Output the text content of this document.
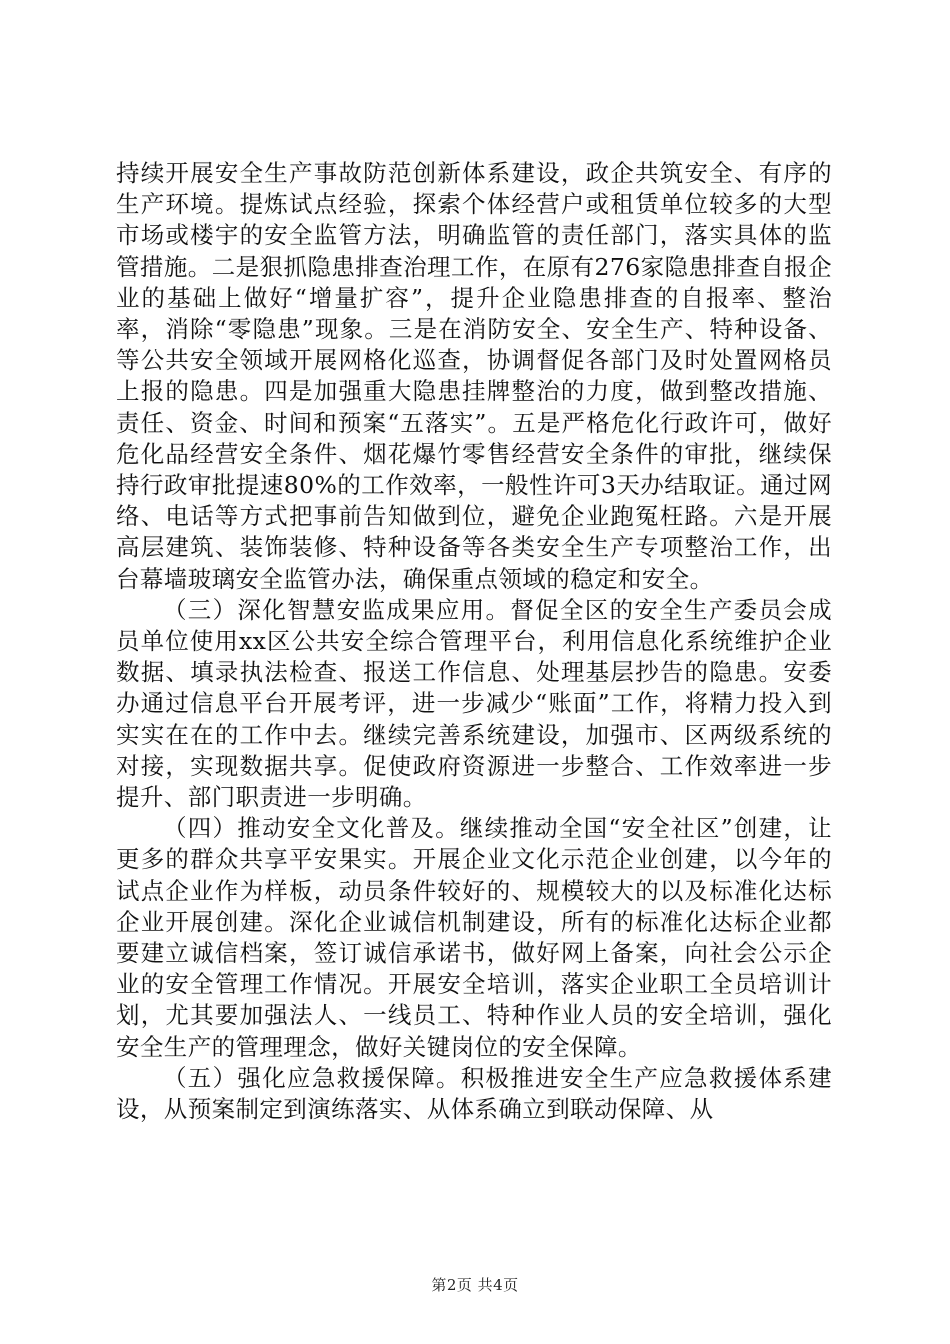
持续开展安全生产事故防范创新体系建设，政企共筑安全、有序的生产环境。提炼试点经验，探索个体经营户或租赁单位较多的大型市场或楼宇的安全监管方法，明确监管的责任部门，落实具体的监管措施。二是狠抓隐患排查治理工作，在原有276家隐患排查自报企业的基础上做好“增量扩容”，提升企业隐患排查的自报率、整治率，消除“零隐患”现象。三是在消防安全、安全生产、特种设备、等公共安全领域开展网格化巡查，协调督促各部门及时处置网格员上报的隐患。四是加强重大隐患挂牌整治的力度，做到整改措施、责任、资金、时间和预案“五落实”。五是严格危化行政许可，做好危化品经营安全条件、烟花爆竹零售经营安全条件的审批，继续保持行政审批提速80%的工作效率，一般性许可3天办结取证。通过网络、电话等方式把事前告知做到位，避免企业跑冤枉路。六是开展高层建筑、装饰装修、特种设备等各类安全生产专项整治工作，出台幕墙玻璃安全监管办法，确保重点领域的稳定和安全。

（三）深化智慧安监成果应用。督促全区的安全生产委员会成员单位使用xx区公共安全综合管理平台，利用信息化系统维护企业数据、填录执法检查、报送工作信息、处理基层抄告的隐患。安委办通过信息平台开展考评，进一步减少“账面”工作，将精力投入到实实在在的工作中去。继续完善系统建设，加强市、区两级系统的对接，实现数据共享。促使政府资源进一步整合、工作效率进一步提升、部门职责进一步明确。

（四）推动安全文化普及。继续推动全国“安全社区”创建，让更多的群众共享平安果实。开展企业文化示范企业创建，以今年的试点企业作为样板，动员条件较好的、规模较大的以及标准化达标企业开展创建。深化企业诚信机制建设，所有的标准化达标企业都要建立诚信档案，签订诚信承诺书，做好网上备案，向社会公示企业的安全管理工作情况。开展安全培训，落实企业职工全员培训计划，尤其要加强法人、一线员工、特种作业人员的安全培训，强化安全生产的管理理念，做好关键岗位的安全保障。

（五）强化应急救援保障。积极推进安全生产应急救援体系建设，从预案制定到演练落实、从体系确立到联动保障、从

第2页 共4页
